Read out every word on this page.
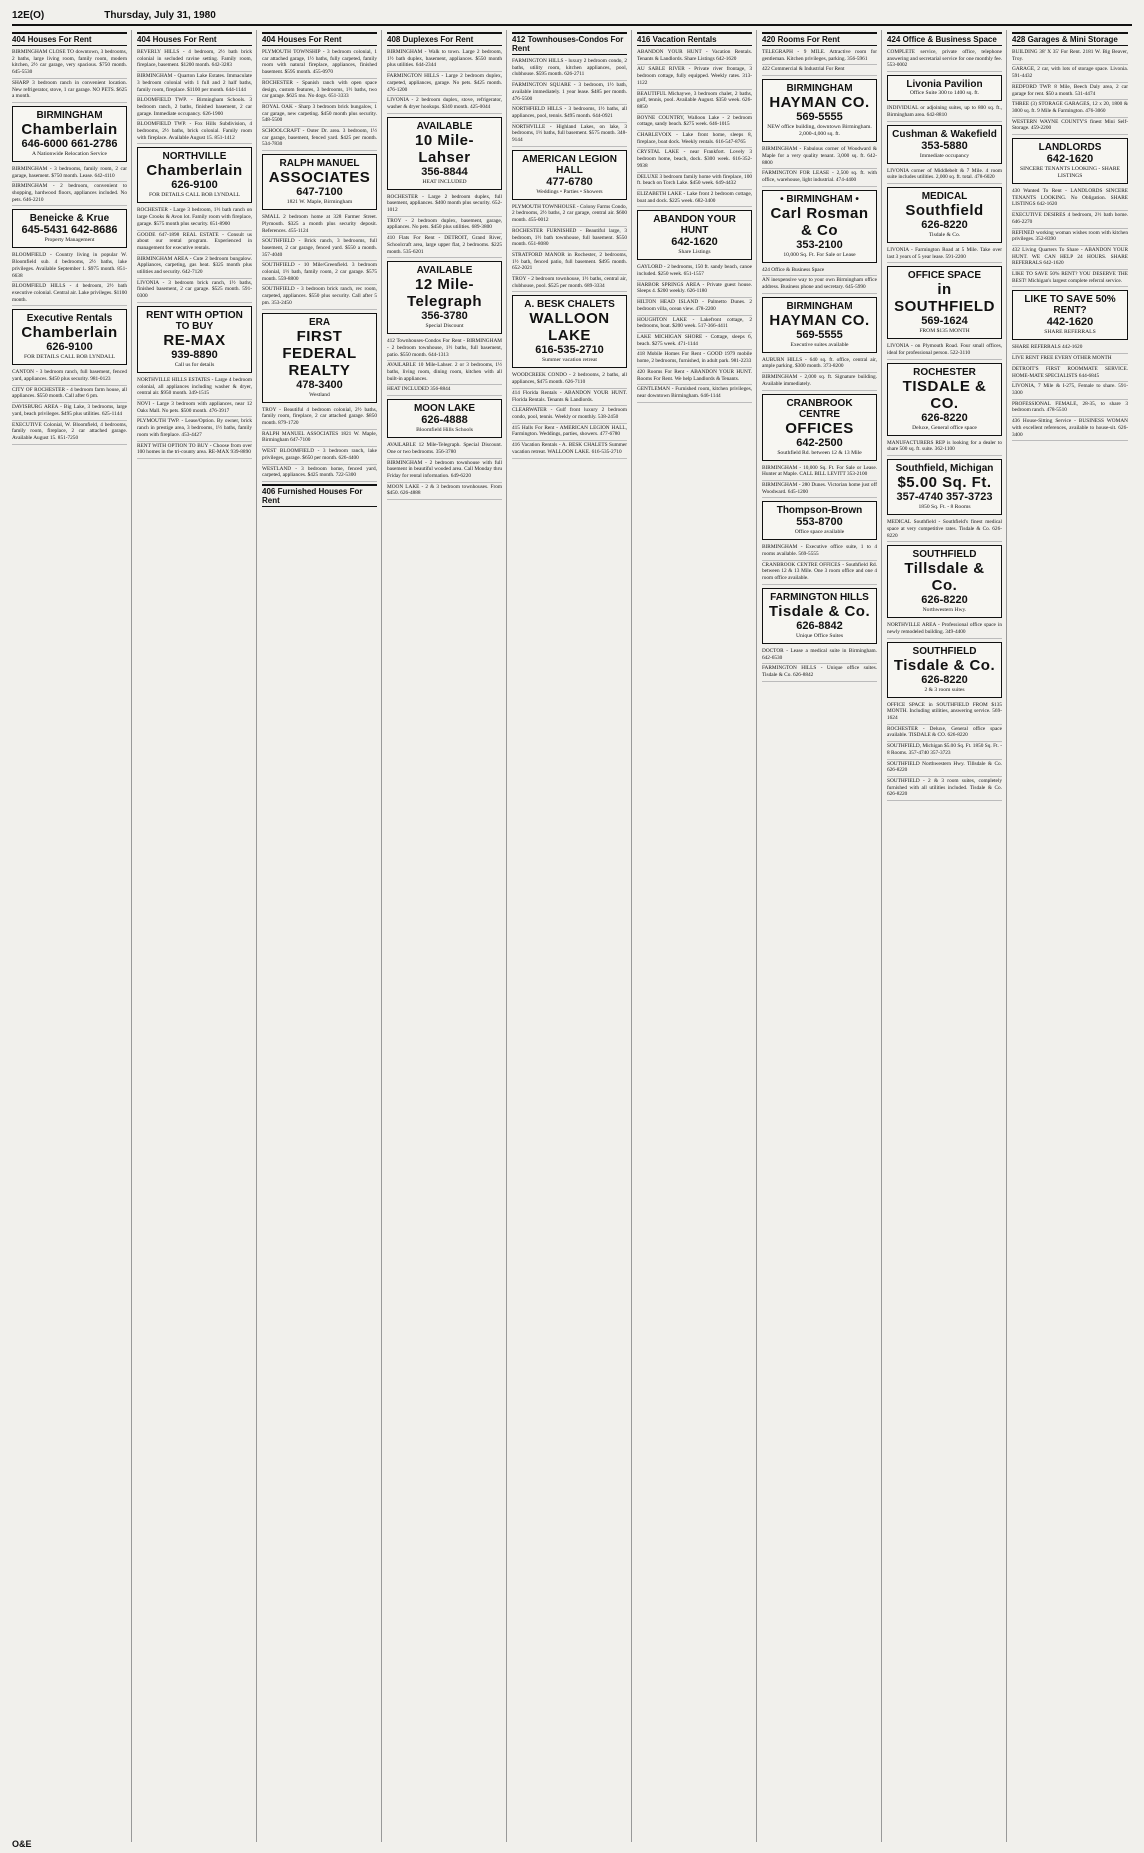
12E(O)	Thursday, July 31, 1980
404 Houses For Rent
BIRMINGHAM CLOSE TO downtown, 3 bedrooms, 2 baths, large living room, family room, modern kitchen, 2½ car garage, very spacious. $750 month. 645-5530
SHARP 3 bedroom ranch in convenient location. New refrigerator, stove, 1 car garage. NO PETS. $625 a month.
BIRMINGHAM
Chamberlain
646-6000 661-2786
A Nationwide Relocation Service
BIRMINGHAM - 3 bedrooms, family room, 2 car garage, basement. $750 month. Lease. 642-4110
BIRMINGHAM - 2 bedroom, convenient to shopping, hardwood floors, appliances included. No pets. 646-2210
Beneicke & Krue
645-5431 642-8686
Property Management
BLOOMFIELD - Country living in popular W. Bloomfield sub. 4 bedrooms, 2½ baths, lake privileges. Available September 1. $975 month. 851-6638
BLOOMFIELD HILLS - 4 bedroom, 2½ bath executive colonial. Central air. Lake privileges. $1100 month.
Executive Rentals
Chamberlain
626-9100
FOR DETAILS CALL BOB LYNDALL
CANTON - 3 bedroom ranch, full basement, fenced yard, appliances. $450 plus security. 981-0123
CITY OF ROCHESTER - 4 bedroom farm house, all appliances. $550 month. Call after 6 pm.
DAVISBURG AREA - Big Lake, 3 bedrooms, large yard, beach privileges. $495 plus utilities. 625-1144
EXECUTIVE Colonial, W. Bloomfield, 4 bedrooms, family room, fireplace, 2 car attached garage. Available August 15. 851-7250
404 Houses For Rent
BEVERLY HILLS - 4 bedroom, 2½ bath brick colonial in secluded ravine setting. Family room, fireplace, basement. $1200 month. 642-3283
BIRMINGHAM - Quarton Lake Estates. Immaculate 3 bedroom colonial with 1 full and 2 half baths, family room, fireplace. $1100 per month. 644-1144
BLOOMFIELD TWP. - Birmingham Schools. 3 bedroom ranch, 2 baths, finished basement, 2 car garage. Immediate occupancy. 626-1900
BLOOMFIELD TWP. - Fox Hills Subdivision, 4 bedrooms, 2½ baths, brick colonial. Family room with fireplace. Available August 15. 851-1412
NORTHVILLE
Chamberlain
626-9100
FOR DETAILS CALL BOB LYNDALL
ROCHESTER - Large 3 bedroom, 1½ bath ranch on large Crooks & Avon lot. Family room with fireplace, garage. $575 month plus security. 651-8900
GOODE 647-1898 REAL ESTATE - Consult us about our rental program. Experienced in management for executive rentals.
BIRMINGHAM AREA - Cute 2 bedroom bungalow. Appliances, carpeting, gas heat. $325 month plus utilities and security. 642-7120
LIVONIA - 3 bedroom brick ranch, 1½ baths, finished basement, 2 car garage. $525 month. 591-0300
RENT WITH OPTION TO BUY
RE-MAX
939-8890
Call us for details
NORTHVILLE HILLS ESTATES - Large 4 bedroom colonial, all appliances including washer & dryer, central air. $950 month. 349-1515
NOVI - Large 3 bedroom with appliances, near 12 Oaks Mall. No pets. $500 month. 476-3917
PLYMOUTH TWP. - Lease/Option. By owner, brick ranch in prestige area, 3 bedrooms, 1½ baths, family room with fireplace. 453-4427
RENT WITH OPTION TO BUY - Choose from over 100 homes in the tri-county area. RE-MAX 939-8890
404 Houses For Rent
PLYMOUTH TOWNSHIP - 3 bedroom colonial, 1 car attached garage, 1½ baths, fully carpeted, family room with natural fireplace, appliances, finished basement. $595 month. 455-0970
ROCHESTER - Spanish ranch with open space design, custom features, 3 bedrooms, 1½ baths, two car garage. $625 mo. No dogs. 651-3333
ROYAL OAK - Sharp 3 bedroom brick bungalow, 1 car garage, new carpeting. $450 month plus security. 548-5500
SCHOOLCRAFT - Outer Dr. area. 3 bedroom, 1½ car garage, basement, fenced yard. $425 per month. 534-7830
RALPH MANUEL
ASSOCIATES
647-7100
1821 W. Maple, Birmingham
SMALL 2 bedroom home at 328 Farmer Street. Plymouth. $325 a month plus security deposit. References. 455-1124
SOUTHFIELD - Brick ranch, 3 bedrooms, full basement, 2 car garage, fenced yard. $550 a month. 357-4040
SOUTHFIELD - 10 Mile/Greenfield. 3 bedroom colonial, 1½ bath, family room, 2 car garage. $575 month. 559-8800
SOUTHFIELD - 3 bedroom brick ranch, rec room, carpeted, appliances. $550 plus security. Call after 5 pm. 353-2450
ERA
FIRST FEDERAL REALTY
478-3400
Westland
TROY - Beautiful 4 bedroom colonial, 2½ baths, family room, fireplace, 2 car attached garage. $850 month. 879-1720
RALPH MANUEL ASSOCIATES 1821 W. Maple, Birmingham 647-7100
WEST BLOOMFIELD - 3 bedroom ranch, lake privileges, garage. $650 per month. 626-4400
WESTLAND - 3 bedroom home, fenced yard, carpeted, appliances. $425 month. 722-5300
406 Furnished Houses For Rent
408 Duplexes For Rent
BIRMINGHAM - Walk to town. Large 2 bedroom, 1½ bath duplex, basement, appliances. $550 month plus utilities. 644-2344
FARMINGTON HILLS - Large 2 bedroom duplex, carpeted, appliances, garage. No pets. $425 month. 476-1200
LIVONIA - 2 bedroom duplex, stove, refrigerator, washer & dryer hookups. $340 month. 425-0044
AVAILABLE
10 Mile-Lahser
356-8844
HEAT INCLUDED
ROCHESTER - Large 2 bedroom duplex, full basement, appliances. $400 month plus security. 652-1012
TROY - 2 bedroom duplex, basement, garage, appliances. No pets. $450 plus utilities. 689-3800
410 Flats For Rent - DETROIT, Grand River, Schoolcraft area, large upper flat, 2 bedrooms. $225 month. 535-6201
AVAILABLE
12 Mile-Telegraph
356-3780
Special Discount
412 Townhouses-Condos For Rent - BIRMINGHAM - 2 bedroom townhouse, 1½ baths, full basement, patio. $550 month. 644-1313
AVAILABLE 10 Mile-Lahser. 2 or 3 bedrooms, 1½ baths, living room, dining room, kitchen with all built-in appliances.
HEAT INCLUDED 356-8844
MOON LAKE
626-4888
Bloomfield Hills Schools
AVAILABLE 12 Mile-Telegraph. Special Discount. One or two bedrooms. 356-3780
BIRMINGHAM - 2 bedroom townhouse with full basement in beautiful wooded area. Call Monday thru Friday for rental information. 649-6220
MOON LAKE - 2 & 3 bedroom townhouses. From $450. 626-4888
412 Townhouses-Condos For Rent
FARMINGTON HILLS - luxury 2 bedroom condo, 2 baths, utility room, kitchen appliances, pool, clubhouse. $595 month. 626-2711
FARMINGTON SQUARE - 3 bedroom, 1½ bath, available immediately. 1 year lease. $485 per month. 476-5500
NORTHFIELD HILLS - 3 bedrooms, 1½ baths, all appliances, pool, tennis. $495 month. 644-0921
NORTHVILLE - Highland Lakes, on lake, 3 bedrooms, 1½ baths, full basement. $575 month. 348-9144
AMERICAN LEGION HALL
477-6780
Weddings • Parties • Showers
PLYMOUTH TOWNHOUSE - Colony Farms Condo, 2 bedrooms, 2½ baths, 2 car garage, central air. $600 month. 455-0012
ROCHESTER FURNISHED - Beautiful large, 3 bedroom, 1½ bath townhouse, full basement. $550 month. 651-8080
STRATFORD MANOR in Rochester, 2 bedrooms, 1½ bath, fenced patio, full basement. $495 month. 652-2021
TROY - 2 bedroom townhouse, 1½ baths, central air, clubhouse, pool. $525 per month. 689-3334
A. BESK CHALETS
WALLOON LAKE
616-535-2710
Summer vacation retreat
WOODCREEK CONDO - 2 bedrooms, 2 baths, all appliances, $475 month. 626-7110
414 Florida Rentals - ABANDON YOUR HUNT. Florida Rentals. Tenants & Landlords.
CLEARWATER - Gulf front luxury 2 bedroom condo, pool, tennis. Weekly or monthly. 538-2450
415 Halls For Rent - AMERICAN LEGION HALL, Farmington. Weddings, parties, showers. 477-6780
416 Vacation Rentals - A. BESK CHALETS Summer vacation retreat. WALLOON LAKE. 616-535-2710
416 Vacation Rentals
ABANDON YOUR HUNT - Vacation Rentals. Tenants & Landlords. Share Listings 642-1620
AU SABLE RIVER - Private river frontage, 3 bedroom cottage, fully equipped. Weekly rates. 313-1122
BEAUTIFUL Michaywe, 3 bedroom chalet, 2 baths, golf, tennis, pool. Available August. $350 week. 626-8850
BOYNE COUNTRY, Walloon Lake - 2 bedroom cottage, sandy beach. $275 week. 646-1015
CHARLEVOIX - Lake front home, sleeps 8, fireplace, boat dock. Weekly rentals. 616-547-8765
CRYSTAL LAKE - near Frankfort. Lovely 3 bedroom home, beach, dock. $300 week. 616-352-9938
DELUXE 3 bedroom family home with fireplace, 100 ft. beach on Torch Lake. $450 week. 649-4432
ELIZABETH LAKE - Lake front 2 bedroom cottage, boat and dock. $225 week. 682-3400
ABANDON YOUR HUNT
642-1620
Share Listings
GAYLORD - 2 bedrooms, 150 ft. sandy beach, canoe included. $250 week. 651-1557
HARBOR SPRINGS AREA - Private guest house. Sleeps 4. $200 weekly. 626-1180
HILTON HEAD ISLAND - Palmetto Dunes. 2 bedroom villa, ocean view. 478-2200
HOUGHTON LAKE - Lakefront cottage, 2 bedrooms, boat. $200 week. 517-366-4411
LAKE MICHIGAN SHORE - Cottage, sleeps 6, beach. $275 week. 471-1144
418 Mobile Homes For Rent - GOOD 1979 mobile home, 2 bedrooms, furnished, in adult park. 981-2233
420 Rooms For Rent - ABANDON YOUR HUNT. Rooms For Rent. We help Landlords & Tenants.
GENTLEMAN - Furnished room, kitchen privileges, near downtown Birmingham. 646-1144
420 Rooms For Rent
TELEGRAPH - 9 MILE. Attractive room for gentleman. Kitchen privileges, parking. 356-5961
422 Commercial & Industrial For Rent
BIRMINGHAM
HAYMAN CO.
569-5555
NEW office building, downtown Birmingham. 2,000-4,000 sq. ft.
BIRMINGHAM - Fabulous corner of Woodward & Maple for a very quality tenant. 3,000 sq. ft. 642-8800
FARMINGTON FOR LEASE - 2,500 sq. ft. with office, warehouse, light industrial. 474-4400
• BIRMINGHAM •
Carl Rosman & Co
353-2100
10,000 Sq. Ft. For Sale or Lease
424 Office & Business Space
AN inexpensive way to your own Birmingham office address. Business phone and secretary. 645-5990
BIRMINGHAM
HAYMAN CO.
569-5555
Executive suites available
AUBURN HILLS - 640 sq. ft. office, central air, ample parking. $300 month. 373-8200
BIRMINGHAM - 2,000 sq. ft. Signature building. Available immediately.
CRANBROOK CENTRE
OFFICES
642-2500
Southfield Rd. between 12 & 13 Mile
BIRMINGHAM - 10,000 Sq. Ft. For Sale or Lease. Hunter at Maple. CALL BILL LEVITT 353-2100
BIRMINGHAM - 280 Dunes. Victorian home just off Woodward. 645-1200
Thompson-Brown
553-8700
Office space available
BIRMINGHAM - Executive office suite, 1 to 4 rooms available. 569-5555
CRANBROOK CENTRE OFFICES - Southfield Rd. between 12 & 13 Mile. One 3 room office and one 4 room office available.
FARMINGTON HILLS
Tisdale & Co.
626-8842
Unique Office Suites
DOCTOR - Lease a medical suite in Birmingham. 642-6530
FARMINGTON HILLS - Unique office suites. Tisdale & Co. 626-8842
424 Office & Business Space
COMPLETE service, private office, telephone answering and secretarial service for one monthly fee. 553-0002
Livonia Pavilion
Office Suite 300 to 1400 sq. ft.
INDIVIDUAL or adjoining suites, up to 800 sq. ft., Birmingham area. 642-8810
Cushman & Wakefield
353-5880
Immediate occupancy
LIVONIA corner of Middlebelt & 7 Mile. 4 room suite includes utilities. 2,000 sq. ft. total. 478-6020
MEDICAL
Southfield
626-8220
Tisdale & Co.
LIVONIA - Farmington Road at 5 Mile. Take over last 3 years of 5 year lease. 591-2200
OFFICE SPACE
in SOUTHFIELD
569-1624
FROM $135 MONTH
LIVONIA - on Plymouth Road. Four small offices, ideal for professional person. 522-3110
ROCHESTER
TISDALE & CO.
626-8220
Deluxe, General office space
MANUFACTURERS REP is looking for a dealer to share 500 sq. ft. suite. 362-1100
Southfield, Michigan
$5.00 Sq. Ft.
357-4740 357-3723
1850 Sq. Ft. - 8 Rooms
MEDICAL Southfield - Southfield's finest medical space at very competitive rates. Tisdale & Co. 626-8220
SOUTHFIELD
Tillsdale & Co.
626-8220
Northwestern Hwy.
NORTHVILLE AREA - Professional office space in newly remodeled building. 349-4400
SOUTHFIELD
Tisdale & Co.
626-8220
2 & 3 room suites
OFFICE SPACE in SOUTHFIELD FROM $135 MONTH. Including utilities, answering service. 569-1624
ROCHESTER - Deluxe, General office space available. TISDALE & CO. 626-8220
SOUTHFIELD, Michigan $5.00 Sq. Ft. 1850 Sq. Ft. - 8 Rooms. 357-4740 357-3723
SOUTHFIELD Northwestern Hwy. Tillsdale & Co. 626-8220
SOUTHFIELD - 2 & 3 room suites, completely furnished with all utilities included. Tisdale & Co. 626-8220
428 Garages & Mini Storage
BUILDING 38' X 35' For Rent. 2181 W. Big Beaver, Troy.
GARAGE, 2 car, with lots of storage space. Livonia. 591-4432
REDFORD TWP. 8 Mile, Beech Daly area, 2 car garage for rent. $50 a month. 531-4474
THREE (3) STORAGE GARAGES, 12 x 20, 1800 & 3000 sq. ft. 9 Mile & Farmington. 476-3060
WESTERN WAYNE COUNTY'S finest Mini Self-Storage. 459-2200
LANDLORDS
642-1620
SINCERE TENANTS LOOKING - SHARE LISTINGS
430 Wanted To Rent - LANDLORDS SINCERE TENANTS LOOKING. No Obligation. SHARE LISTINGS 642-1620
EXECUTIVE DESIRES 4 bedroom, 2½ bath home. 646-2270
REFINED working woman wishes room with kitchen privileges. 352-8390
432 Living Quarters To Share - ABANDON YOUR HUNT. WE CAN HELP 24 HOURS. SHARE REFERRALS 642-1620
LIKE TO SAVE 50% RENT? YOU DESERVE THE BEST! Michigan's largest complete referral service.
LIKE TO SAVE 50% RENT?
442-1620
SHARE REFERRALS
SHARE REFERRALS 442-1620
LIVE RENT FREE EVERY OTHER MONTH
DETROIT'S FIRST ROOMMATE SERVICE. HOME-MATE SPECIALISTS 644-6845
LIVONIA, 7 Mile & I-275, Female to share. 591-3300
PROFESSIONAL FEMALE, 28-35, to share 3 bedroom ranch. 478-5510
436 House-Sitting Service - BUSINESS WOMAN with excellent references, available to house-sit. 626-3400
O&E
